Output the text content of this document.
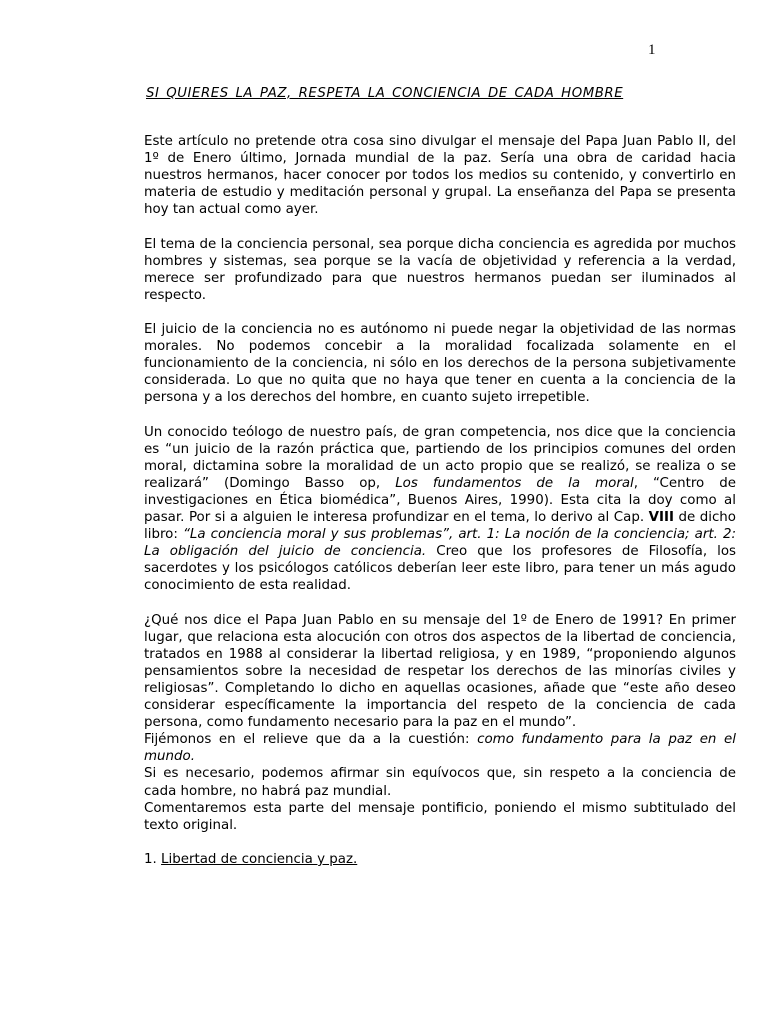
1
SI QUIERES LA PAZ, RESPETA LA CONCIENCIA DE CADA HOMBRE

Este artículo no pretende otra cosa sino divulgar el mensaje del Papa Juan Pablo II, del 1º de Enero último, Jornada mundial de la paz. Sería una obra de caridad hacia nuestros hermanos, hacer conocer por todos los medios su contenido, y convertirlo en materia de estudio y meditación personal y grupal. La enseñanza del Papa se presenta hoy tan actual como ayer.

El tema de la conciencia personal, sea porque dicha conciencia es agredida por muchos hombres y sistemas, sea porque se la vacía de objetividad y referencia a la verdad, merece ser profundizado para que nuestros hermanos puedan ser iluminados al respecto.

El juicio de la conciencia no es autónomo ni puede negar la objetividad de las normas morales. No podemos concebir a la moralidad focalizada solamente en el funcionamiento de la conciencia, ni sólo en los derechos de la persona subjetivamente considerada. Lo que no quita que no haya que tener en cuenta a la conciencia de la persona y a los derechos del hombre, en cuanto sujeto irrepetible.

Un conocido teólogo de nuestro país, de gran competencia, nos dice que la conciencia es “un juicio de la razón práctica que, partiendo de los principios comunes del orden moral, dictamina sobre la moralidad de un acto propio que se realizó, se realiza o se realizará” (Domingo Basso op, Los fundamentos de la moral, “Centro de investigaciones en Ética biomédica”, Buenos Aires, 1990). Esta cita la doy como al pasar. Por si a alguien le interesa profundizar en el tema, lo derivo al Cap. VIII de dicho libro: “La conciencia moral y sus problemas”, art. 1: La noción de la conciencia; art. 2: La obligación del juicio de conciencia. Creo que los profesores de Filosofía, los sacerdotes y los psicólogos católicos deberían leer este libro, para tener un más agudo conocimiento de esta realidad.

¿Qué nos dice el Papa Juan Pablo en su mensaje del 1º de Enero de 1991? En primer lugar, que relaciona esta alocución con otros dos aspectos de la libertad de conciencia, tratados en 1988 al considerar la libertad religiosa, y en 1989, “proponiendo algunos pensamientos sobre la necesidad de respetar los derechos de las minorías civiles y religiosas”. Completando lo dicho en aquellas ocasiones, añade que “este año deseo considerar específicamente la importancia del respeto de la conciencia de cada persona, como fundamento necesario para la paz en el mundo”.

Fijémonos en el relieve que da a la cuestión: como fundamento para la paz en el mundo.

Si es necesario, podemos afirmar sin equívocos que, sin respeto a la conciencia de cada hombre, no habrá paz mundial.

Comentaremos esta parte del mensaje pontificio, poniendo el mismo subtitulado del texto original.

1. Libertad de conciencia y paz.
